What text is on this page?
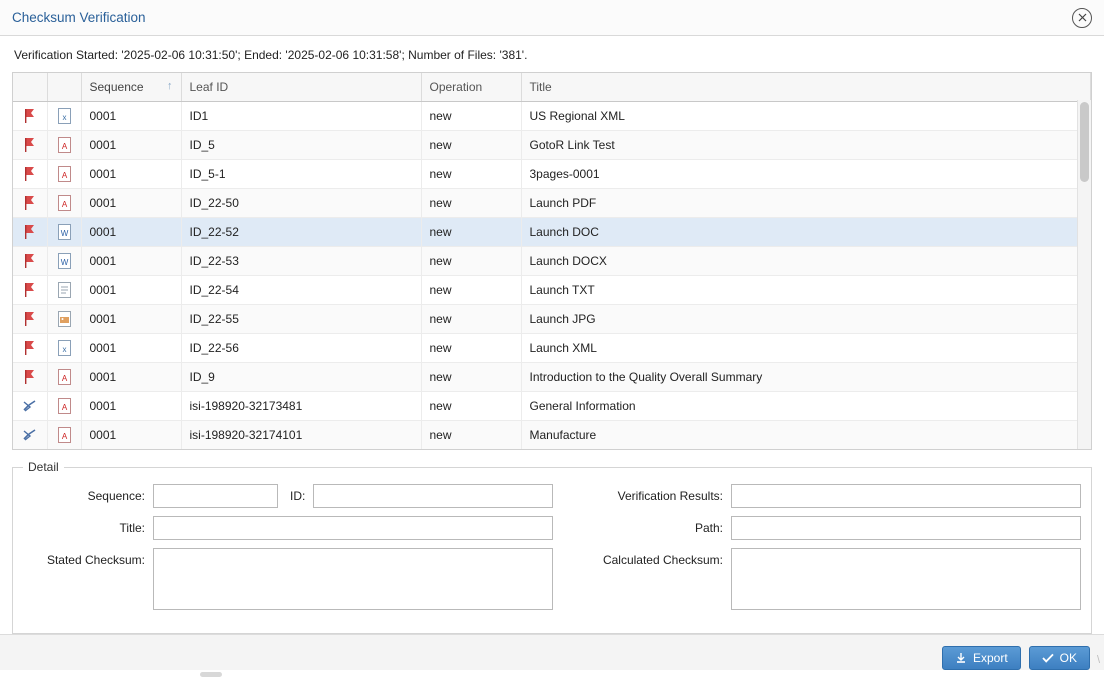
Checksum Verification
Verification Started: '2025-02-06 10:31:50'; Ended: '2025-02-06 10:31:58'; Number of Files: '381'.
		Sequence ↑	Leaf ID	Operation	Title

x	0001	ID1	new	US Regional XML

A	0001	ID_5	new	GotoR Link Test

A	0001	ID_5-1	new	3pages-0001

A	0001	ID_22-50	new	Launch PDF

W	0001	ID_22-52	new	Launch DOC

W	0001	ID_22-53	new	Launch DOCX

	0001	ID_22-54	new	Launch TXT

	0001	ID_22-55	new	Launch JPG

x	0001	ID_22-56	new	Launch XML

A	0001	ID_9	new	Introduction to the Quality Overall Summary

A	0001	isi-198920-32173481	new	General Information

A	0001	isi-198920-32174101	new	Manufacture
Detail
Sequence:	ID:	Verification Results:
Title:	Path:
Stated Checksum:	Calculated Checksum:
Export	OK \
